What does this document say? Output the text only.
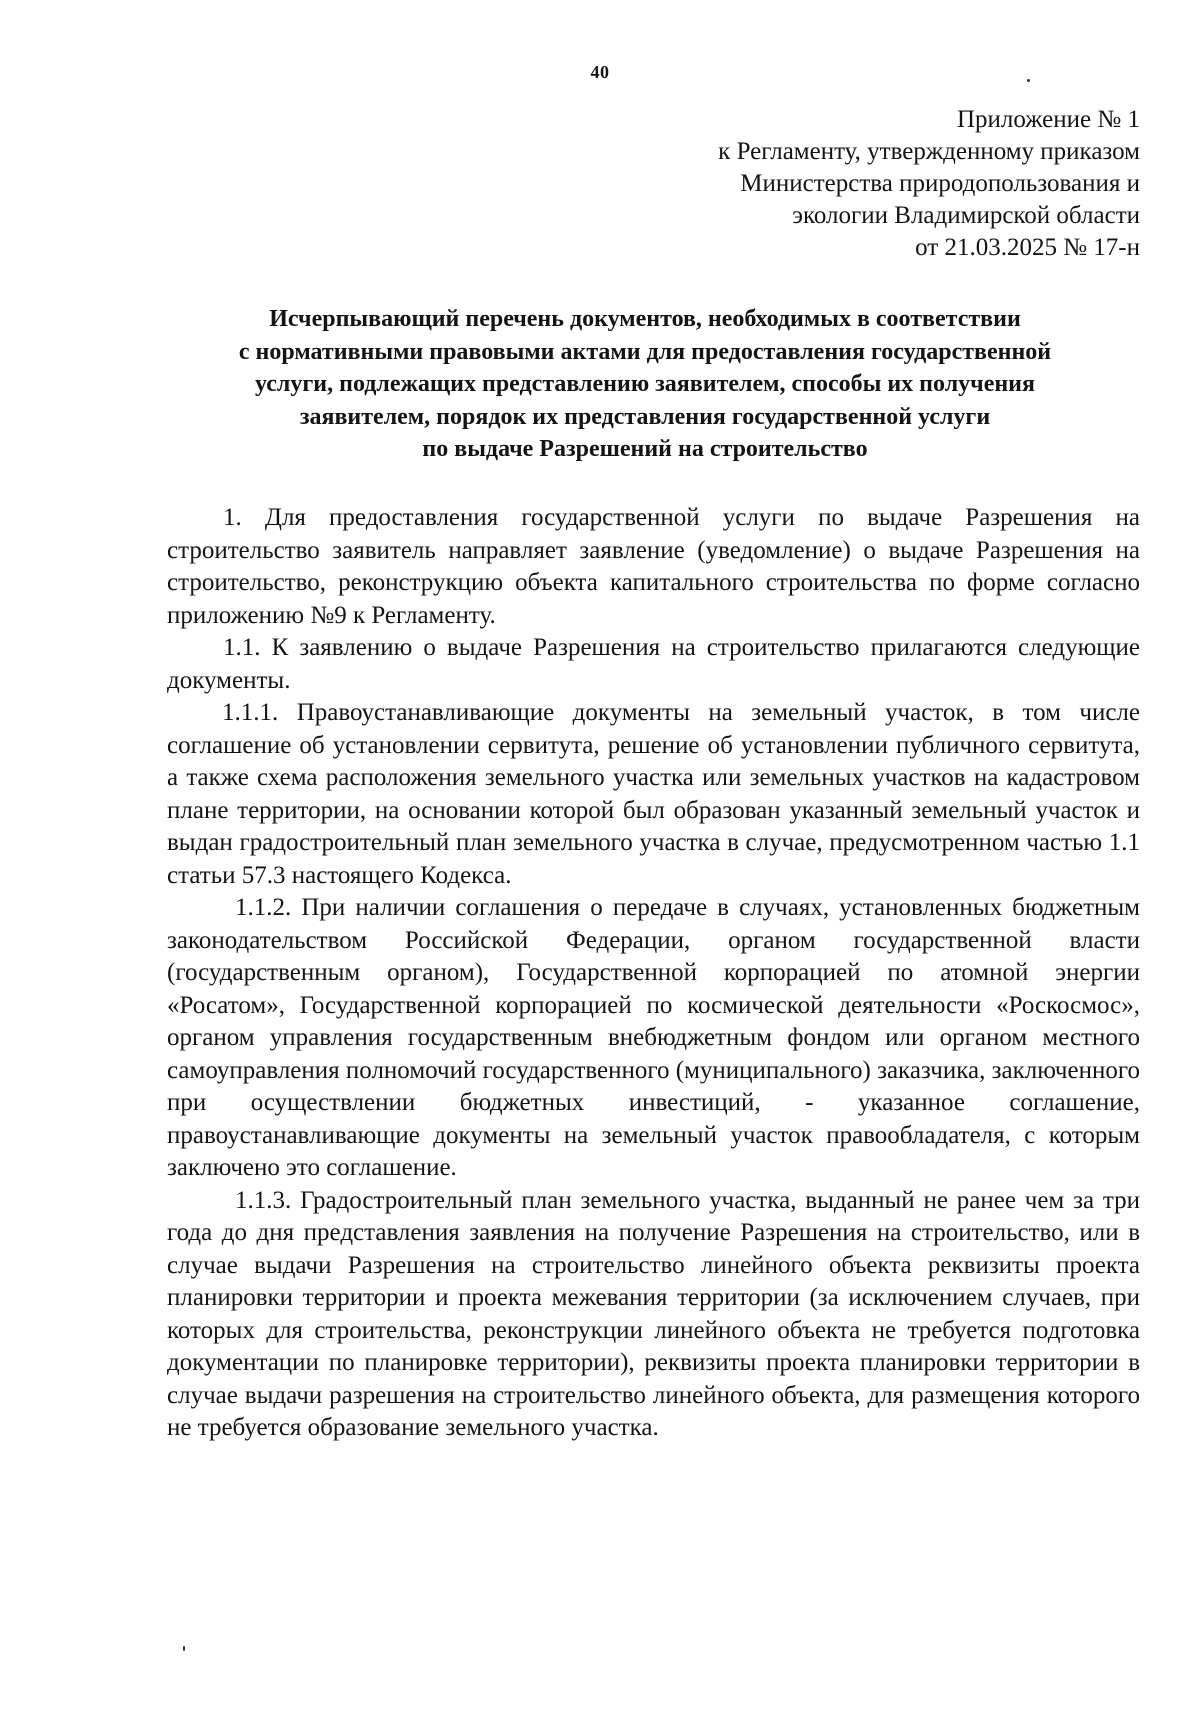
40
Приложение № 1
к Регламенту, утвержденному приказом
Министерства природопользования и
экологии Владимирской области
от 21.03.2025 № 17-н
Исчерпывающий перечень документов, необходимых в соответствии
с нормативными правовыми актами для предоставления государственной
услуги, подлежащих представлению заявителем, способы их получения
заявителем, порядок их представления государственной услуги
по выдаче Разрешений на строительство

1. Для предоставления государственной услуги по выдаче Разрешения на строительство заявитель направляет заявление (уведомление) о выдаче Разрешения на строительство, реконструкцию объекта капитального строительства по форме согласно приложению №9 к Регламенту.

1.1. К заявлению о выдаче Разрешения на строительство прилагаются следующие документы.

1.1.1. Правоустанавливающие документы на земельный участок, в том числе соглашение об установлении сервитута, решение об установлении публичного сервитута, а также схема расположения земельного участка или земельных участков на кадастровом плане территории, на основании которой был образован указанный земельный участок и выдан градостроительный план земельного участка в случае, предусмотренном частью 1.1 статьи 57.3 настоящего Кодекса.

1.1.2. При наличии соглашения о передаче в случаях, установленных бюджетным законодательством Российской Федерации, органом государственной власти (государственным органом), Государственной корпорацией по атомной энергии «Росатом», Государственной корпорацией по космической деятельности «Роскосмос», органом управления государственным внебюджетным фондом или органом местного самоуправления полномочий государственного (муниципального) заказчика, заключенного при осуществлении бюджетных инвестиций, - указанное соглашение, правоустанавливающие документы на земельный участок правообладателя, с которым заключено это соглашение.

1.1.3. Градостроительный план земельного участка, выданный не ранее чем за три года до дня представления заявления на получение Разрешения на строительство, или в случае выдачи Разрешения на строительство линейного объекта реквизиты проекта планировки территории и проекта межевания территории (за исключением случаев, при которых для строительства, реконструкции линейного объекта не требуется подготовка документации по планировке территории), реквизиты проекта планировки территории в случае выдачи разрешения на строительство линейного объекта, для размещения которого не требуется образование земельного участка.
